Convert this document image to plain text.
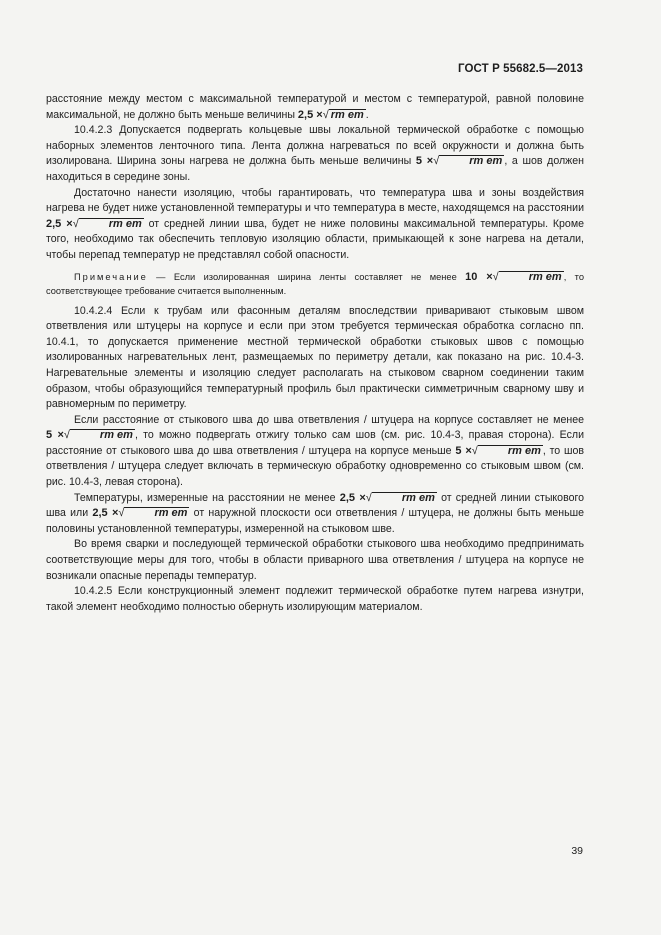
ГОСТ Р 55682.5—2013

расстояние между местом с максимальной температурой и местом с температурой, равной половине максимальной, не должно быть меньше величины 2,5 ×√ rm em .

10.4.2.3 Допускается подвергать кольцевые швы локальной термической обработке с помощью наборных элементов ленточного типа. Лента должна нагреваться по всей окружности и должна быть изолирована. Ширина зоны нагрева не должна быть меньше величины 5 ×√	rm em , а шов должен находиться в середине зоны.

Достаточно нанести изоляцию, чтобы гарантировать, что температура шва и зоны воздействия нагрева не будет ниже установленной температуры и что температура в месте, находящемся на расстоянии 2,5 ×√	rm em от средней линии шва, будет не ниже половины максимальной температуры. Кроме того, необходимо так обеспечить тепловую изоляцию области, примыкающей к зоне нагрева на детали, чтобы перепад температур не представлял собой опасности.

Примечание — Если изолированная ширина ленты составляет не менее 10 ×√	rm em , то соответствующее требование считается выполненным.

10.4.2.4 Если к трубам или фасонным деталям впоследствии приваривают стыковым швом ответвления или штуцеры на корпусе и если при этом требуется термическая обработка согласно пп. 10.4.1, то допускается применение местной термической обработки стыковых швов с помощью изолированных нагревательных лент, размещаемых по периметру детали, как показано на рис. 10.4-3. Нагревательные элементы и изоляцию следует располагать на стыковом сварном соединении таким образом, чтобы образующийся температурный профиль был практически симметричным сварному шву и равномерным по периметру.

Если расстояние от стыкового шва до шва ответвления / штуцера на корпусе составляет не менее 5 ×√	rm em , то можно подвергать отжигу только сам шов (см. рис. 10.4-3, правая сторона). Если расстояние от стыкового шва до шва ответвления / штуцера на корпусе меньше 5 ×√	rm em , то шов ответвления / штуцера следует включать в термическую обработку одновременно со стыковым швом (см. рис. 10.4-3, левая сторона).

Температуры, измеренные на расстоянии не менее 2,5 ×√	rm em от средней линии стыкового шва или 2,5 ×√	rm em от наружной плоскости оси ответвления / штуцера, не должны быть меньше половины установленной температуры, измеренной на стыковом шве.

Во время сварки и последующей термической обработки стыкового шва необходимо предпринимать соответствующие меры для того, чтобы в области приварного шва ответвления / штуцера на корпусе не возникали опасные перепады температур.

10.4.2.5 Если конструкционный элемент подлежит термической обработке путем нагрева изнутри, такой элемент необходимо полностью обернуть изолирующим материалом.

39
